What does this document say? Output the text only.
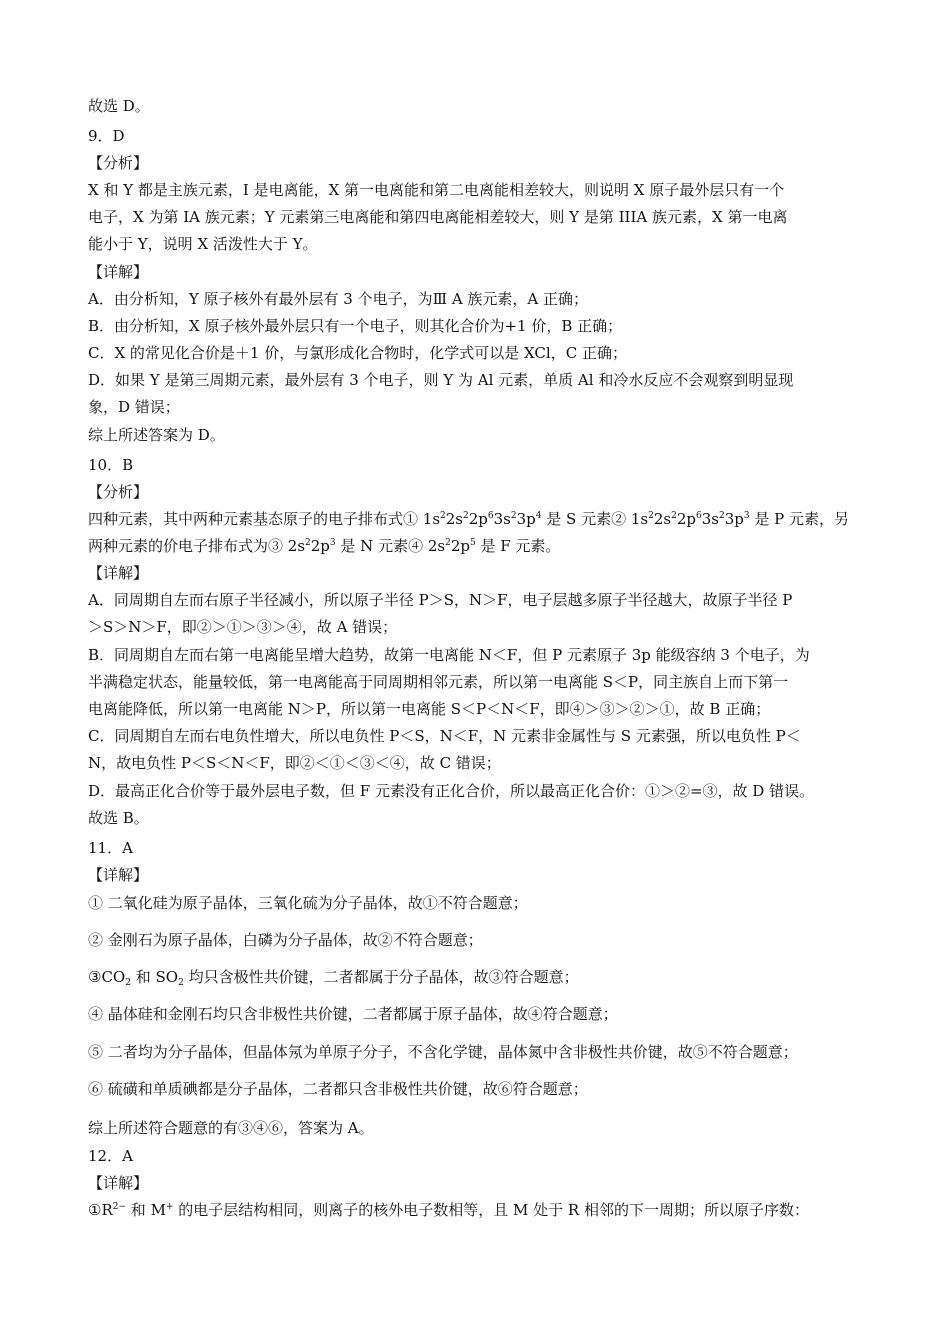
故选 D。
9．D
【分析】
X 和 Y 都是主族元素，I 是电离能，X 第一电离能和第二电离能相差较大，则说明 X 原子最外层只有一个
电子，X 为第 IA 族元素；Y 元素第三电离能和第四电离能相差较大，则 Y 是第 IIIA 族元素，X 第一电离
能小于 Y，说明 X 活泼性大于 Y。
【详解】
A．由分析知，Y 原子核外有最外层有 3 个电子，为Ⅲ A 族元素，A 正确；
B．由分析知，X 原子核外最外层只有一个电子，则其化合价为+1 价，B 正确；
C．X 的常见化合价是＋1 价，与氯形成化合物时，化学式可以是 XCl，C 正确；
D．如果 Y 是第三周期元素，最外层有 3 个电子，则 Y 为 Al 元素，单质 Al 和冷水反应不会观察到明显现
象，D 错误；
综上所述答案为 D。
10．B
【分析】
四种元素，其中两种元素基态原子的电子排布式① $1s^22s^22p^63s^23p^4$ 是 S 元素② $1s^22s^22p^63s^23p^3$ 是 P 元素，另
两种元素的价电子排布式为③ $2s^22p^3$ 是 N 元素④ $2s^22p^5$ 是 F 元素。
【详解】
A．同周期自左而右原子半径减小，所以原子半径 P＞S，N＞F，电子层越多原子半径越大，故原子半径 P
＞S＞N＞F，即②＞①＞③＞④，故 A 错误；
B．同周期自左而右第一电离能呈增大趋势，故第一电离能 N＜F，但 P 元素原子 3p 能级容纳 3 个电子，为
半满稳定状态，能量较低，第一电离能高于同周期相邻元素，所以第一电离能 S＜P，同主族自上而下第一
电离能降低，所以第一电离能 N＞P，所以第一电离能 S＜P＜N＜F，即④＞③＞②＞①，故 B 正确；
C．同周期自左而右电负性增大，所以电负性 P＜S，N＜F，N 元素非金属性与 S 元素强，所以电负性 P＜
N，故电负性 P＜S＜N＜F，即②＜①＜③＜④，故 C 错误；
D．最高正化合价等于最外层电子数，但 F 元素没有正化合价，所以最高正化合价：①＞②=③，故 D 错误。
故选 B。
11．A
【详解】
① 二氧化硅为原子晶体，三氧化硫为分子晶体，故①不符合题意；
② 金刚石为原子晶体，白磷为分子晶体，故②不符合题意；
$③CO_2$ 和 $SO_2$ 均只含极性共价键，二者都属于分子晶体，故③符合题意；
④ 晶体硅和金刚石均只含非极性共价键，二者都属于原子晶体，故④符合题意；
⑤ 二者均为分子晶体，但晶体氖为单原子分子，不含化学键，晶体氮中含非极性共价键，故⑤不符合题意；
⑥ 硫磺和单质碘都是分子晶体，二者都只含非极性共价键，故⑥符合题意；
综上所述符合题意的有③④⑥，答案为 A。
12．A
【详解】
$①R^{2-}$ 和 M+ 的电子层结构相同，则离子的核外电子数相等，且 M 处于 R 相邻的下一周期；所以原子序数：
